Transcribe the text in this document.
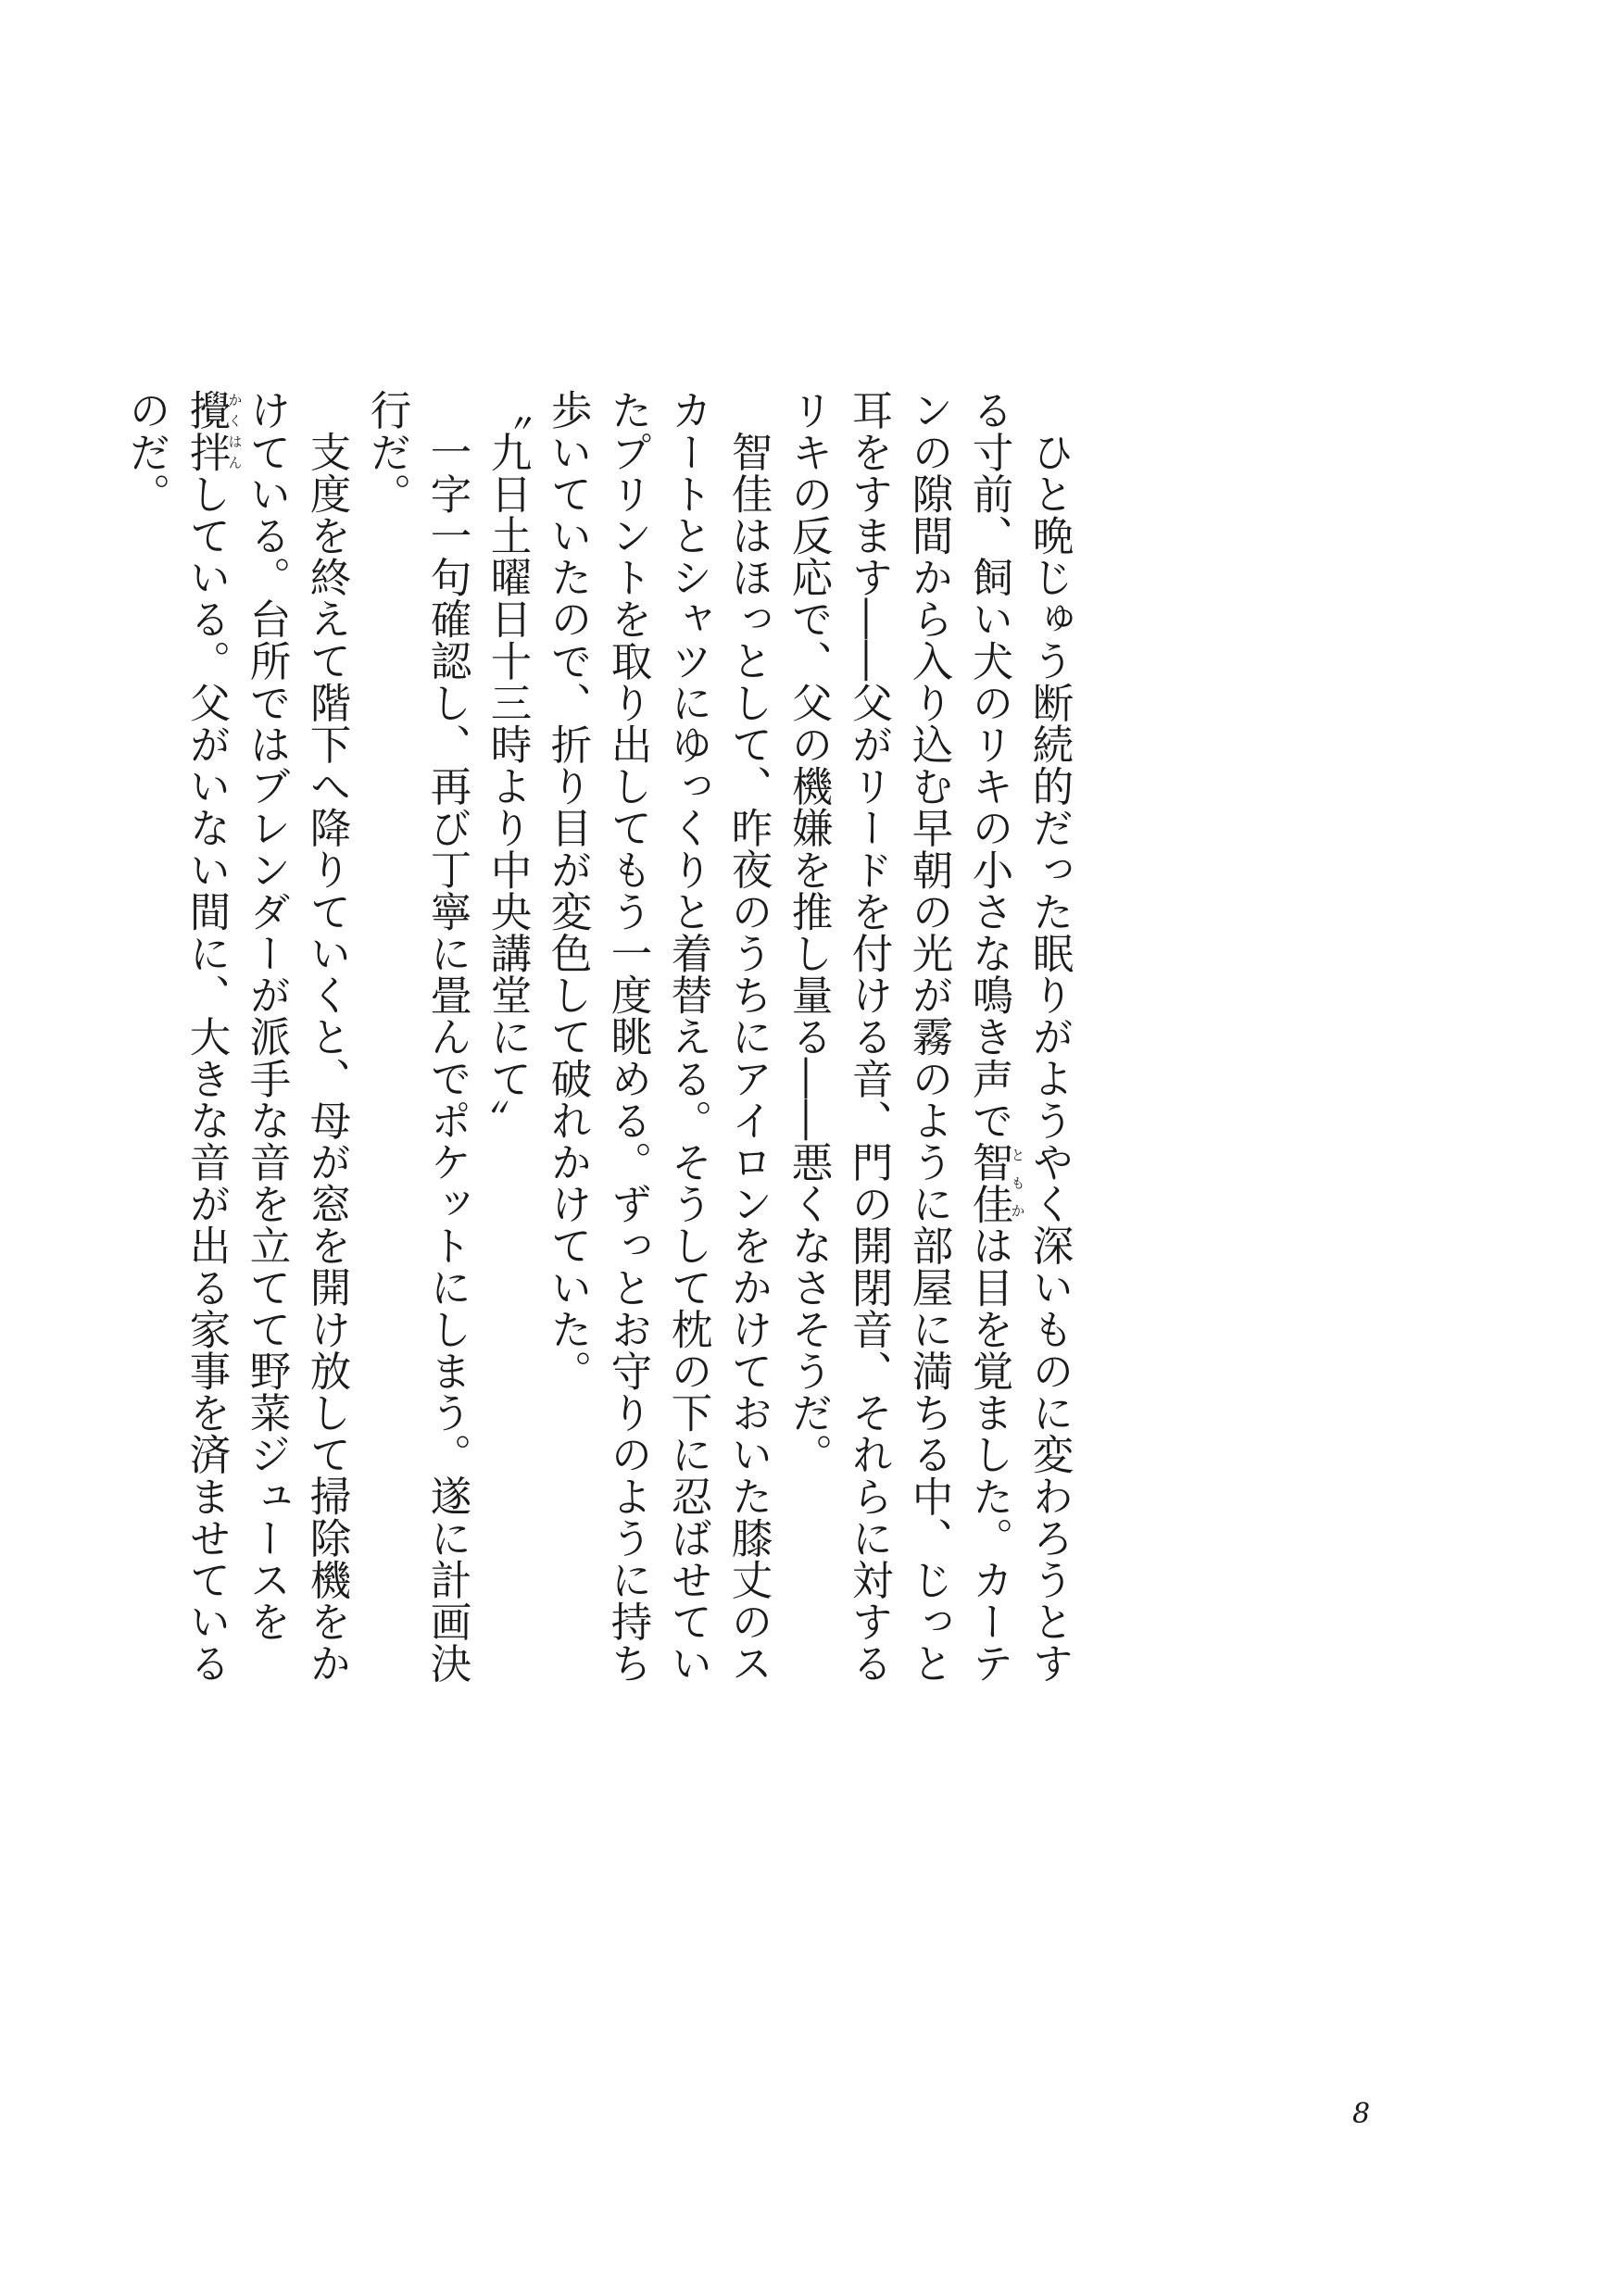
ひと晩じゅう断続的だった眠りがようやく深いものに変わろうとする寸前、飼い犬のリキの小さな鳴き声で智佳ともかは目を覚ました。カーテンの隙間から入り込む早朝の光が霧のように部屋に満ちる中、じっと耳をすます――父がリードを付ける音、門の開閉音、それらに対するリキの反応で、父の機嫌を推し量る――悪くなさそうだ。

智佳はほっとして、昨夜のうちにアイロンをかけておいた膝丈のスカートとシャツにゆっくりと着替える。そうして枕の下に忍ばせていたプリントを取り出してもう一度眺める。ずっとお守りのように持ち歩いていたので、折り目が変色して破れかけていた。

〝九日土曜日十三時より中央講堂にて〟

一字一句確認し、再び丁寧に畳んでポケットにしまう。遂に計画決行だ。

支度を終えて階下へ降りていくと、母が窓を開け放して掃除機をかけている。台所ではブレンダーが派手な音を立てて野菜ジュースを攪拌かくはんしている。父がいない間に、大きな音が出る家事を済ませているのだ。

8
